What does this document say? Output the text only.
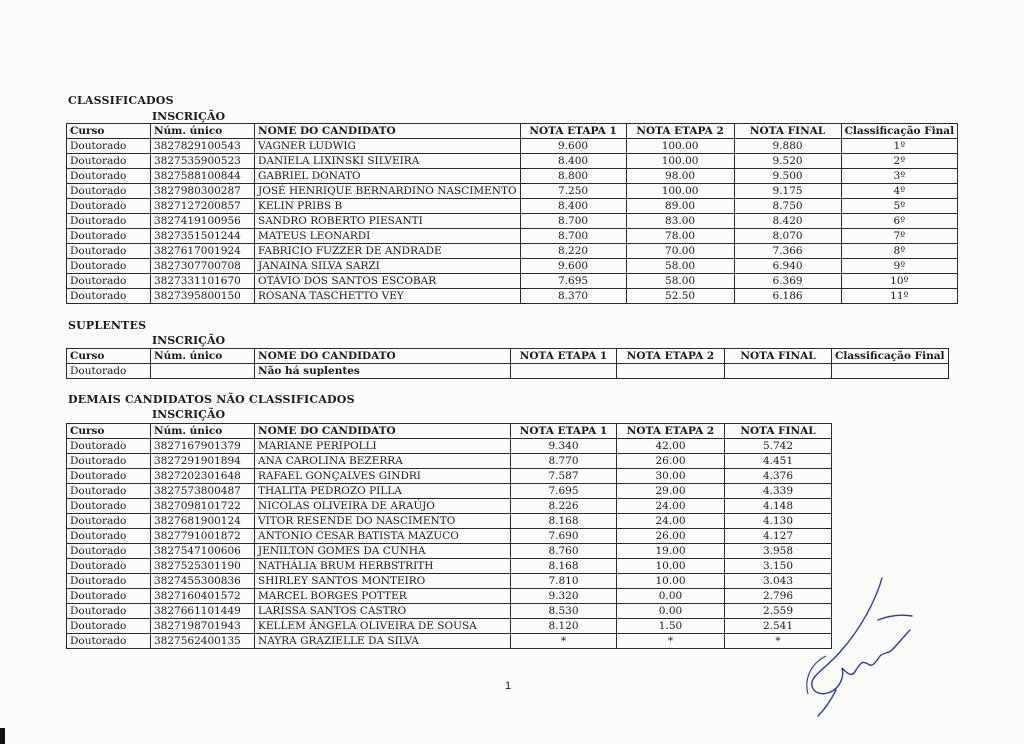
CLASSIFICADOS
INSCRIÇÃO
Curso	Núm. único	NOME DO CANDIDATO	NOTA ETAPA 1	NOTA ETAPA 2	NOTA FINAL	Classificação Final
Doutorado	3827829100543	VAGNER LUDWIG	9.600	100.00	9.880	1º
Doutorado	3827535900523	DANIELA LIXINSKI SILVEIRA	8.400	100.00	9.520	2º
Doutorado	3827588100844	GABRIEL DONATO	8.800	98.00	9.500	3º
Doutorado	3827980300287	JOSÉ HENRIQUE BERNARDINO NASCIMENTO	7.250	100.00	9.175	4º
Doutorado	3827127200857	KELIN PRIBS B	8.400	89.00	8.750	5º
Doutorado	3827419100956	SANDRO ROBERTO PIESANTI	8.700	83.00	8.420	6º
Doutorado	3827351501244	MATEUS LEONARDI	8.700	78.00	8.070	7º
Doutorado	3827617001924	FABRICIO FUZZER DE ANDRADE	8.220	70.00	7.366	8º
Doutorado	3827307700708	JANAINA SILVA SARZI	9.600	58.00	6.940	9º
Doutorado	3827331101670	OTÁVIO DOS SANTOS ESCOBAR	7.695	58.00	6.369	10º
Doutorado	3827395800150	ROSANA TASCHETTO VEY	8.370	52.50	6.186	11º
SUPLENTES
INSCRIÇÃO
Curso	Núm. único	NOME DO CANDIDATO	NOTA ETAPA 1	NOTA ETAPA 2	NOTA FINAL	Classificação Final
Doutorado		Não há suplentes				
DEMAIS CANDIDATOS NÃO CLASSIFICADOS
INSCRIÇÃO
Curso	Núm. único	NOME DO CANDIDATO	NOTA ETAPA 1	NOTA ETAPA 2	NOTA FINAL
Doutorado	3827167901379	MARIANE PERIPOLLI	9.340	42.00	5.742
Doutorado	3827291901894	ANA CAROLINA BEZERRA	8.770	26.00	4.451
Doutorado	3827202301648	RAFAEL GONÇALVES GINDRI	7.587	30.00	4.376
Doutorado	3827573800487	THALITA PEDROZO PILLA	7.695	29.00	4.339
Doutorado	3827098101722	NICOLAS OLIVEIRA DE ARAÚJO	8.226	24.00	4.148
Doutorado	3827681900124	VITOR RESENDE DO NASCIMENTO	8.168	24.00	4.130
Doutorado	3827791001872	ANTONIO CESAR BATISTA MAZUCO	7.690	26.00	4.127
Doutorado	3827547100606	JENILTON GOMES DA CUNHA	8.760	19.00	3.958
Doutorado	3827525301190	NATHÁLIA BRUM HERBSTRITH	8.168	10.00	3.150
Doutorado	3827455300836	SHIRLEY SANTOS MONTEIRO	7.810	10.00	3.043
Doutorado	3827160401572	MARCEL BORGES POTTER	9.320	0.00	2.796
Doutorado	3827661101449	LARISSA SANTOS CASTRO	8.530	0.00	2.559
Doutorado	3827198701943	KELLEM ÂNGELA OLIVEIRA DE SOUSA	8.120	1.50	2.541
Doutorado	3827562400135	NAYRA GRAZIELLE DA SILVA	*	*	*
1
